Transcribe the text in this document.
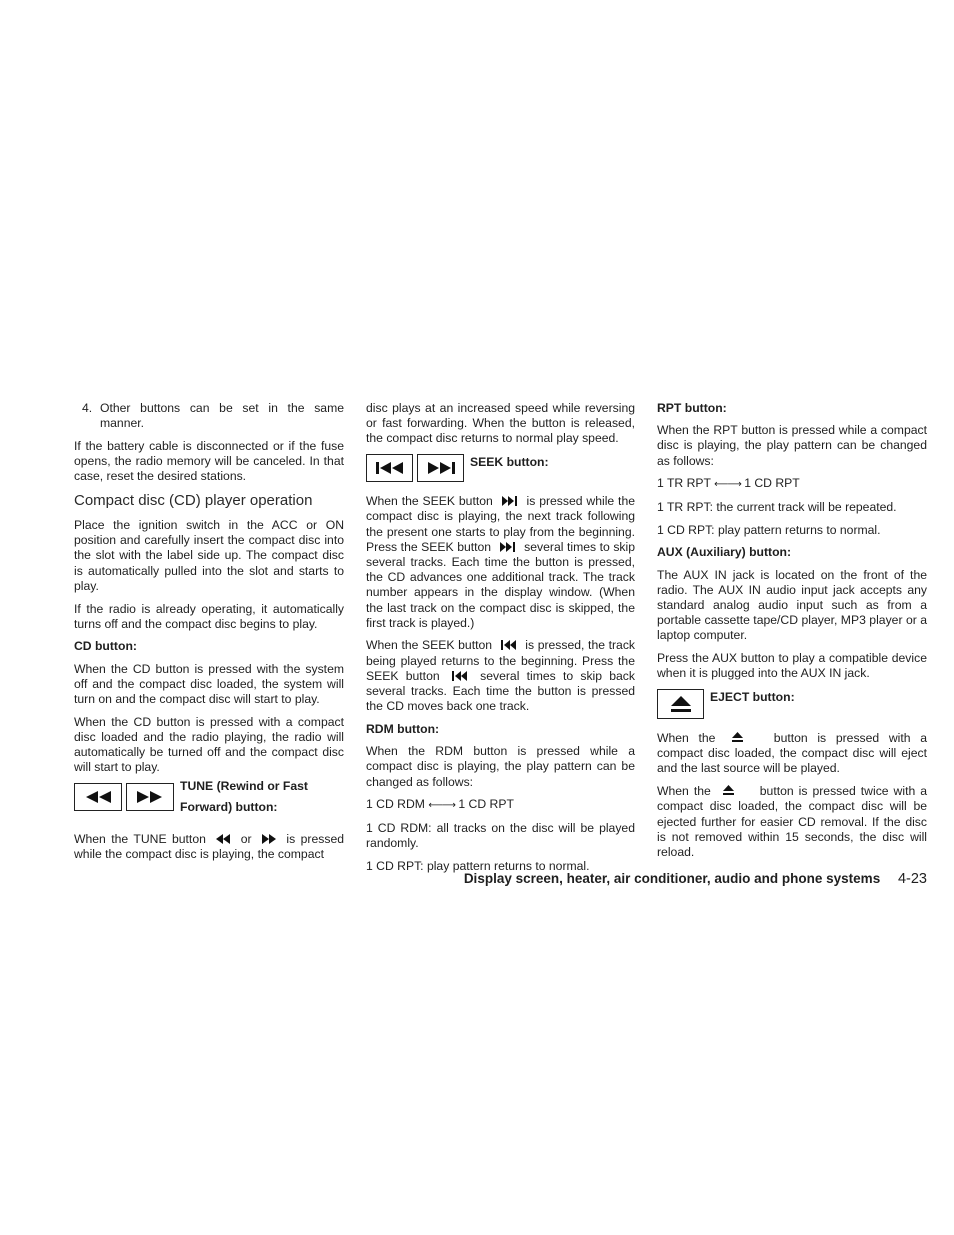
4. Other buttons can be set in the same manner.

If the battery cable is disconnected or if the fuse opens, the radio memory will be canceled. In that case, reset the desired stations.

Compact disc (CD) player operation

Place the ignition switch in the ACC or ON position and carefully insert the compact disc into the slot with the label side up. The compact disc is automatically pulled into the slot and starts to play.

If the radio is already operating, it automatically turns off and the compact disc begins to play.

CD button:

When the CD button is pressed with the system off and the compact disc loaded, the system will turn on and the compact disc will start to play.

When the CD button is pressed with a compact disc loaded and the radio playing, the radio will automatically be turned off and the compact disc will start to play.

TUNE (Rewind or Fast
Forward) button:

When the TUNE button	or	is pressed while the compact disc is playing, the compact

disc plays at an increased speed while reversing or fast forwarding. When the button is released, the compact disc returns to normal play speed.

SEEK button:

When the SEEK button	is pressed while the compact disc is playing, the next track following the present one starts to play from the beginning. Press the SEEK button	several times to skip several tracks. Each time the button is pressed, the CD advances one additional track. The track number appears in the display window. (When the last track on the compact disc is skipped, the first track is played.)

When the SEEK button	is pressed, the track being played returns to the beginning. Press the SEEK button	several times to skip back several tracks. Each time the button is pressed the CD moves back one track.

RDM button:

When the RDM button is pressed while a compact disc is playing, the play pattern can be changed as follows:

1 CD RDM ⟵⟶ 1 CD RPT

1 CD RDM: all tracks on the disc will be played randomly.

1 CD RPT: play pattern returns to normal.

RPT button:

When the RPT button is pressed while a compact disc is playing, the play pattern can be changed as follows:

1 TR RPT ⟵⟶ 1 CD RPT

1 TR RPT: the current track will be repeated.

1 CD RPT: play pattern returns to normal.

AUX (Auxiliary) button:

The AUX IN jack is located on the front of the radio. The AUX IN audio input jack accepts any standard analog audio input such as from a portable cassette tape/CD player, MP3 player or a laptop computer.

Press the AUX button to play a compatible device when it is plugged into the AUX IN jack.

EJECT button:

When the	button is pressed with a compact disc loaded, the compact disc will eject and the last source will be played.

When the	button is pressed twice with a compact disc loaded, the compact disc will be ejected further for easier CD removal. If the disc is not removed within 15 seconds, the disc will reload.

Display screen, heater, air conditioner, audio and phone systems 4-23
